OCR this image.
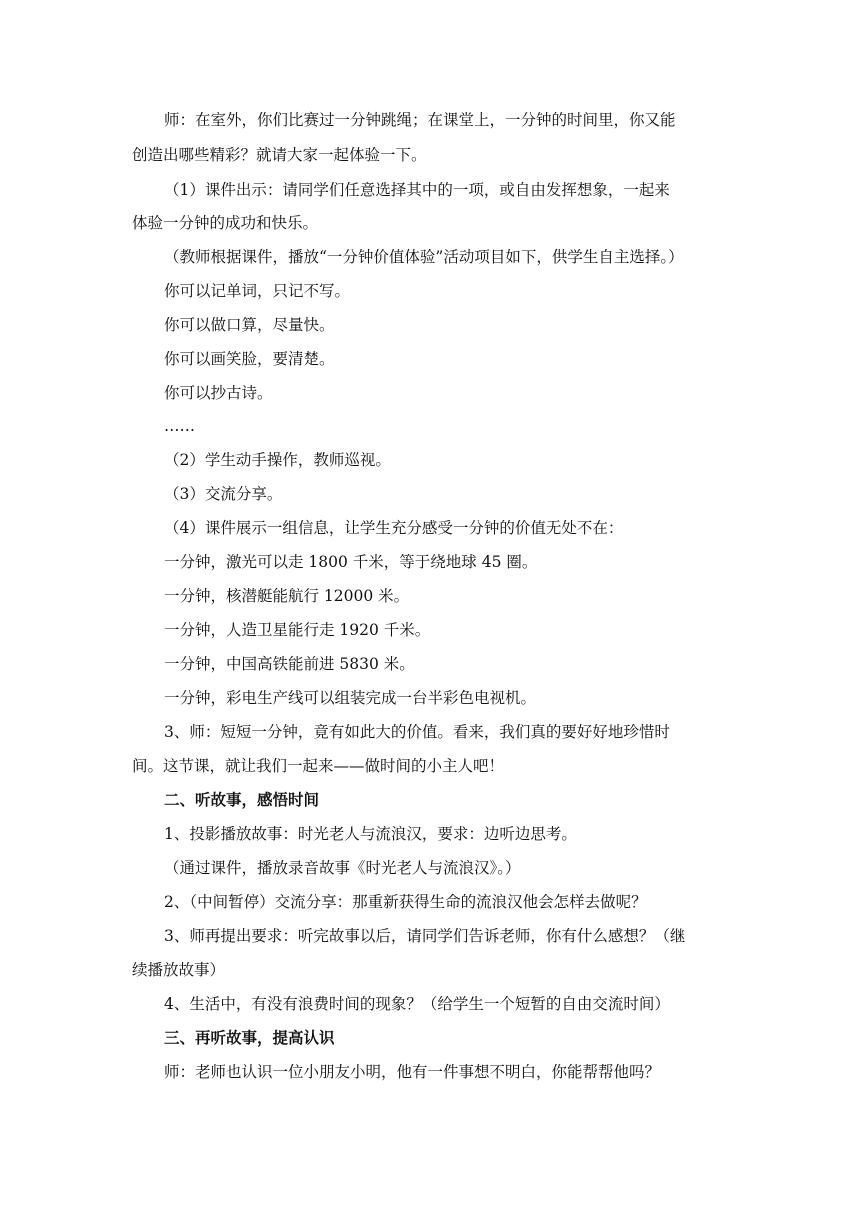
师：在室外，你们比赛过一分钟跳绳；在课堂上，一分钟的时间里，你又能
创造出哪些精彩？就请大家一起体验一下。
（1）课件出示：请同学们任意选择其中的一项，或自由发挥想象，一起来
体验一分钟的成功和快乐。
（教师根据课件，播放“一分钟价值体验”活动项目如下，供学生自主选择。）
你可以记单词，只记不写。
你可以做口算，尽量快。
你可以画笑脸，要清楚。
你可以抄古诗。
……
（2）学生动手操作，教师巡视。
（3）交流分享。
（4）课件展示一组信息，让学生充分感受一分钟的价值无处不在：
一分钟，激光可以走 1800 千米，等于绕地球 45 圈。
一分钟，核潜艇能航行 12000 米。
一分钟，人造卫星能行走 1920 千米。
一分钟，中国高铁能前进 5830 米。
一分钟，彩电生产线可以组装完成一台半彩色电视机。
3、师：短短一分钟，竟有如此大的价值。看来，我们真的要好好地珍惜时
间。这节课，就让我们一起来——做时间的小主人吧！
二、听故事，感悟时间
1、投影播放故事：时光老人与流浪汉，要求：边听边思考。
（通过课件，播放录音故事《时光老人与流浪汉》。）
2、（中间暂停）交流分享：那重新获得生命的流浪汉他会怎样去做呢？
3、师再提出要求：听完故事以后，请同学们告诉老师，你有什么感想？（继
续播放故事）
4、生活中，有没有浪费时间的现象？（给学生一个短暂的自由交流时间）
三、再听故事，提高认识
师：老师也认识一位小朋友小明，他有一件事想不明白，你能帮帮他吗？
